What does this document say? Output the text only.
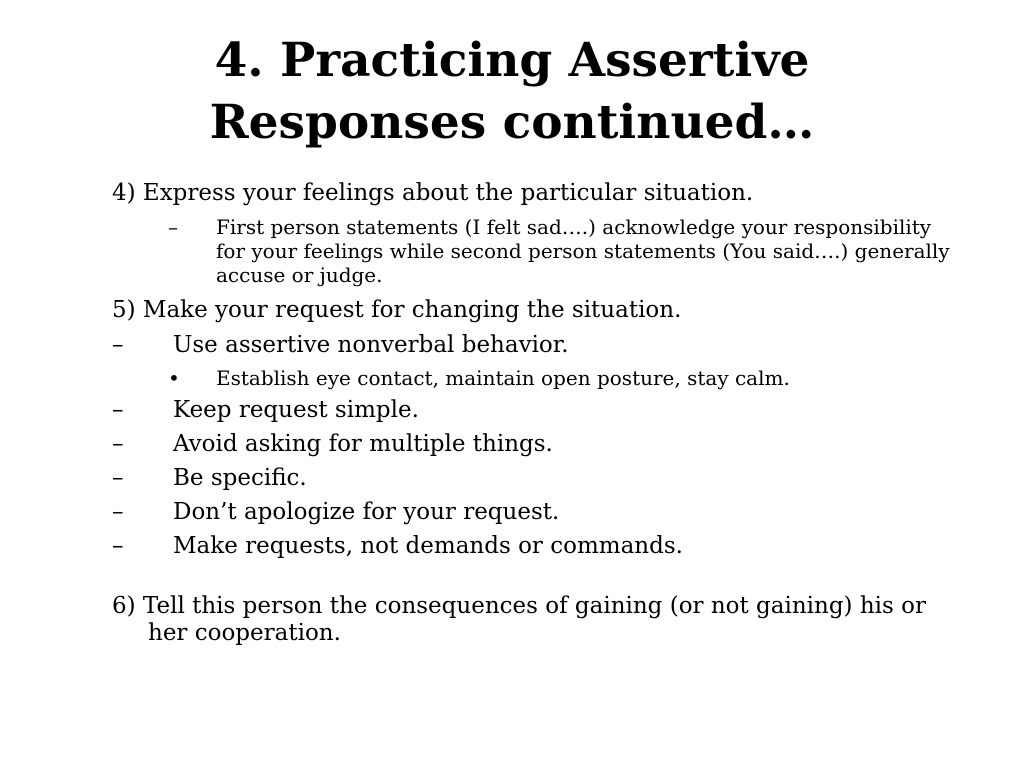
4. Practicing Assertive
Responses continued…

4) Express your feelings about the particular situation.

–	First person statements (I felt sad….) acknowledge your responsibility for your feelings while second person statements (You said….) generally accuse or judge.

5) Make your request for changing the situation.

–	Use assertive nonverbal behavior.

•	Establish eye contact, maintain open posture, stay calm.

–	Keep request simple.

–	Avoid asking for multiple things.

–	Be specific.

–	Don’t apologize for your request.

–	Make requests, not demands or commands.

6) Tell this person the consequences of gaining (or not gaining) his or her cooperation.
